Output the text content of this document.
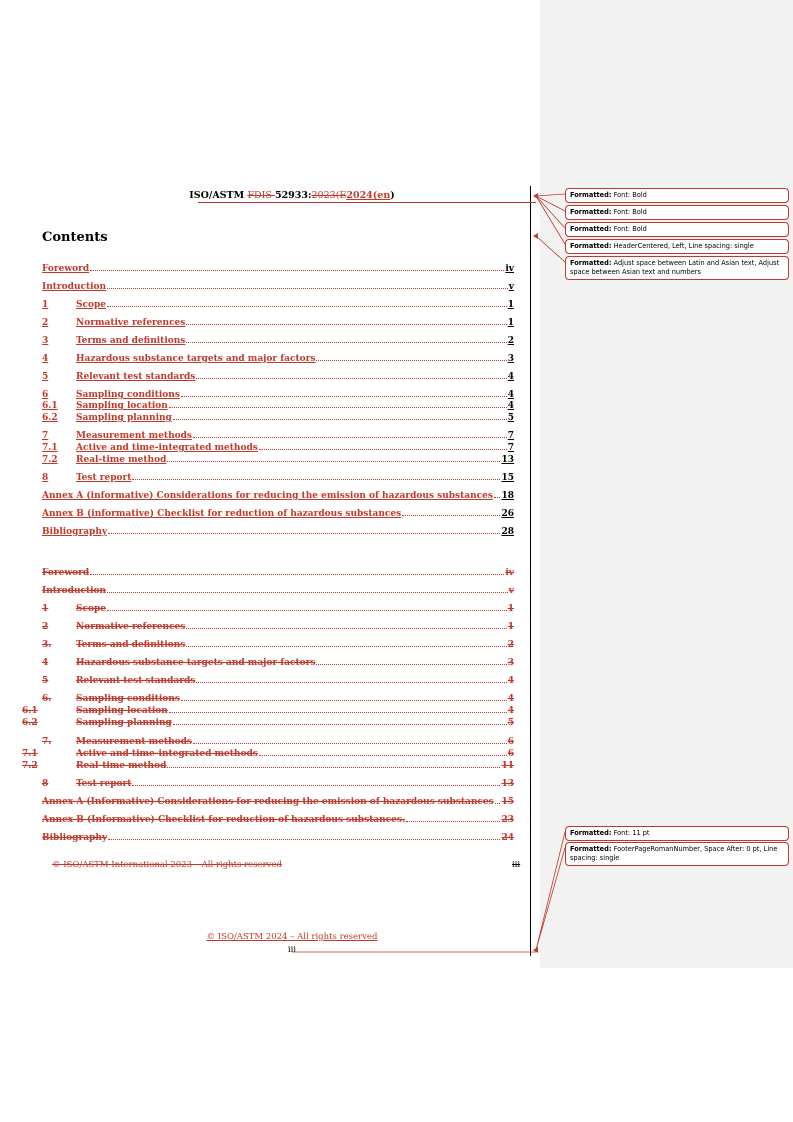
ISO/ASTM FDIS 52933:2023(E2024(en)
Contents
Foreword	iv
Introduction	v
1	Scope	1
2	Normative references	1
3	Terms and definitions	2
4	Hazardous substance targets and major factors	3
5	Relevant test standards	4
6	Sampling conditions	4
6.1	Sampling location	4
6.2	Sampling planning	5
7	Measurement methods	7
7.1	Active and time-integrated methods	7
7.2	Real-time method	13
8	Test report	15
Annex A (informative) Considerations for reducing the emission of hazardous substances 18
Annex B (informative) Checklist for reduction of hazardous substances	26
Bibliography	28
Foreword	iv
Introduction	v
1	Scope	1
2	Normative references	1
3.	Terms and definitions	2
4	Hazardous substance targets and major factors	3
5	Relevant test standards	4
6.	Sampling conditions	4
6.1	Sampling location	4
6.2	Sampling planning	5
7.	Measurement methods	6
7.1	Active and time-integrated methods	6
7.2	Real-time method	11
8	Test report	13
Annex A (Informative) Considerations for reducing the emission of hazardous substances 15
Annex B (Informative) Checklist for reduction of hazardous substances.	23
Bibliography	24
© ISO/ASTM International 2023 – All rights reserved	iii
© ISO/ASTM 2024 – All rights reserved
iii
Formatted: Font: Bold
Formatted: Font: Bold
Formatted: Font: Bold
Formatted: HeaderCentered, Left, Line spacing: single
Formatted: Adjust space between Latin and Asian text, Adjust space between Asian text and numbers
Formatted: Font: 11 pt
Formatted: FooterPageRomanNumber, Space After: 0 pt, Line spacing: single
